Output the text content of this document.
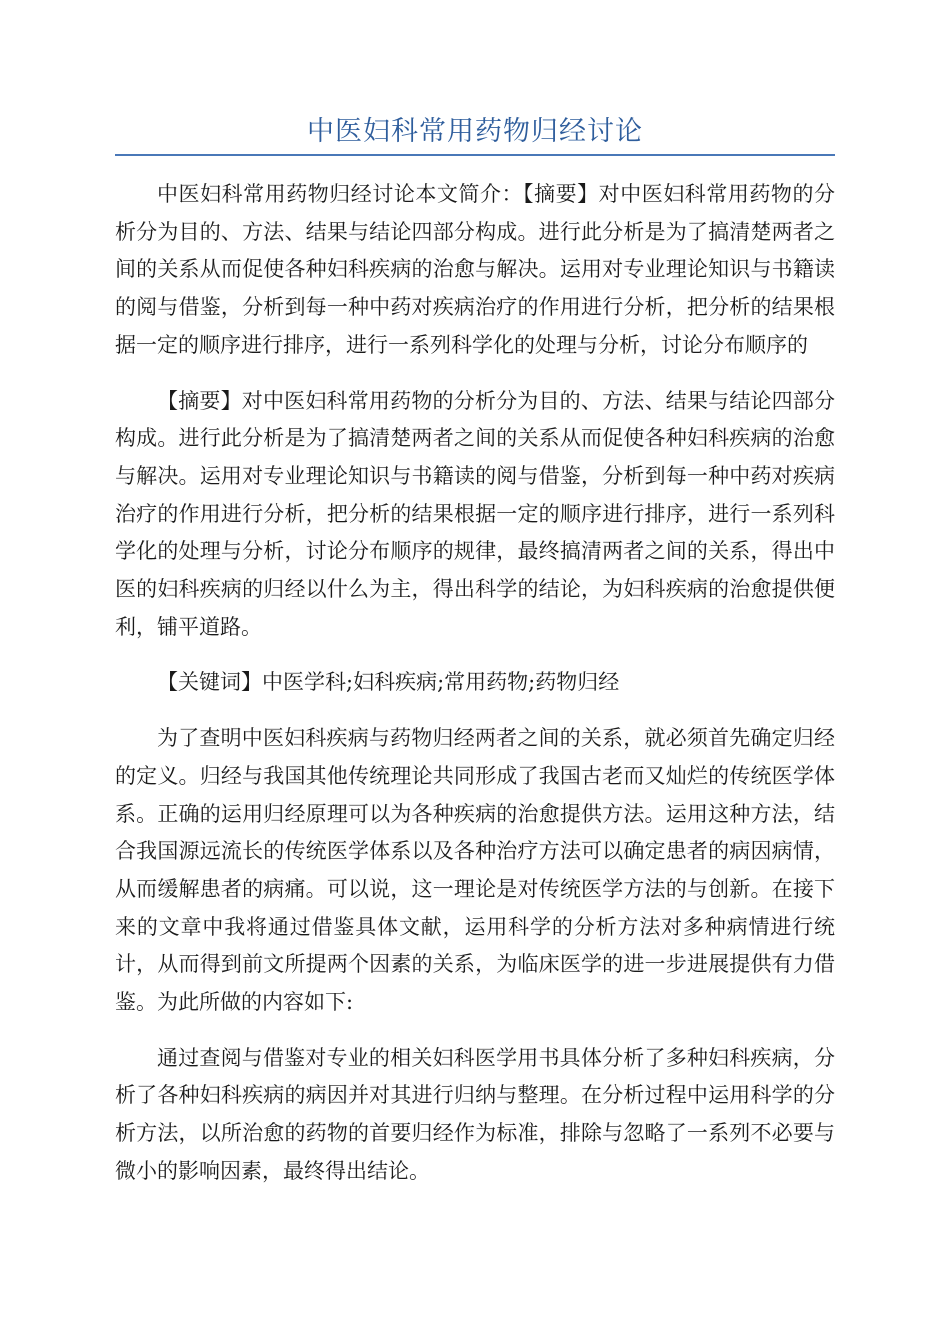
中医妇科常用药物归经讨论

中医妇科常用药物归经讨论本文简介：【摘要】对中医妇科常用药物的分析分为目的、方法、结果与结论四部分构成。进行此分析是为了搞清楚两者之间的关系从而促使各种妇科疾病的治愈与解决。运用对专业理论知识与书籍读的阅与借鉴，分析到每一种中药对疾病治疗的作用进行分析，把分析的结果根据一定的顺序进行排序，进行一系列科学化的处理与分析，讨论分布顺序的

【摘要】对中医妇科常用药物的分析分为目的、方法、结果与结论四部分构成。进行此分析是为了搞清楚两者之间的关系从而促使各种妇科疾病的治愈与解决。运用对专业理论知识与书籍读的阅与借鉴，分析到每一种中药对疾病治疗的作用进行分析，把分析的结果根据一定的顺序进行排序，进行一系列科学化的处理与分析，讨论分布顺序的规律，最终搞清两者之间的关系，得出中医的妇科疾病的归经以什么为主，得出科学的结论，为妇科疾病的治愈提供便利，铺平道路。

【关键词】中医学科;妇科疾病;常用药物;药物归经

为了查明中医妇科疾病与药物归经两者之间的关系，就必须首先确定归经的定义。归经与我国其他传统理论共同形成了我国古老而又灿烂的传统医学体系。正确的运用归经原理可以为各种疾病的治愈提供方法。运用这种方法，结合我国源远流长的传统医学体系以及各种治疗方法可以确定患者的病因病情，从而缓解患者的病痛。可以说，这一理论是对传统医学方法的与创新。在接下来的文章中我将通过借鉴具体文献，运用科学的分析方法对多种病情进行统计，从而得到前文所提两个因素的关系，为临床医学的进一步进展提供有力借鉴。为此所做的内容如下:

通过查阅与借鉴对专业的相关妇科医学用书具体分析了多种妇科疾病，分析了各种妇科疾病的病因并对其进行归纳与整理。在分析过程中运用科学的分析方法，以所治愈的药物的首要归经作为标准，排除与忽略了一系列不必要与微小的影响因素，最终得出结论。
